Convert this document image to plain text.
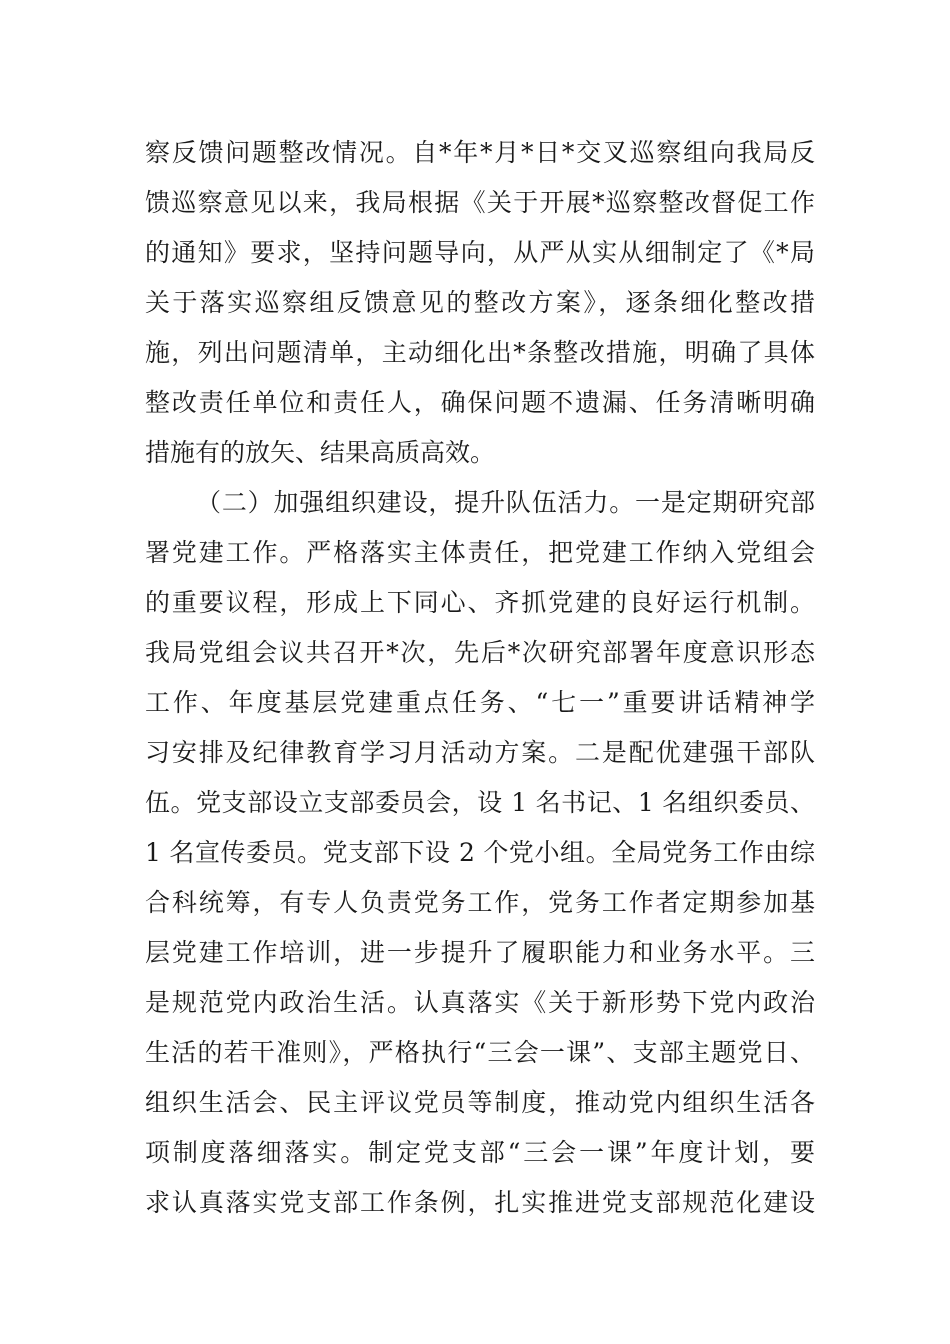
察反馈问题整改情况。自*年*月*日*交叉巡察组向我局反
馈巡察意见以来，我局根据《关于开展*巡察整改督促工作
的通知》要求，坚持问题导向，从严从实从细制定了《*局
关于落实巡察组反馈意见的整改方案》，逐条细化整改措
施，列出问题清单，主动细化出*条整改措施，明确了具体
整改责任单位和责任人，确保问题不遗漏、任务清晰明确
措施有的放矢、结果高质高效。
（二）加强组织建设，提升队伍活力。一是定期研究部
署党建工作。严格落实主体责任，把党建工作纳入党组会
的重要议程，形成上下同心、齐抓党建的良好运行机制。
我局党组会议共召开*次，先后*次研究部署年度意识形态
工作、年度基层党建重点任务、“七一”重要讲话精神学
习安排及纪律教育学习月活动方案。二是配优建强干部队
伍。党支部设立支部委员会，设 1 名书记、1 名组织委员、
1 名宣传委员。党支部下设 2 个党小组。全局党务工作由综
合科统筹，有专人负责党务工作，党务工作者定期参加基
层党建工作培训，进一步提升了履职能力和业务水平。三
是规范党内政治生活。认真落实《关于新形势下党内政治
生活的若干准则》，严格执行“三会一课”、支部主题党日、
组织生活会、民主评议党员等制度，推动党内组织生活各
项制度落细落实。制定党支部“三会一课”年度计划，要
求认真落实党支部工作条例，扎实推进党支部规范化建设
